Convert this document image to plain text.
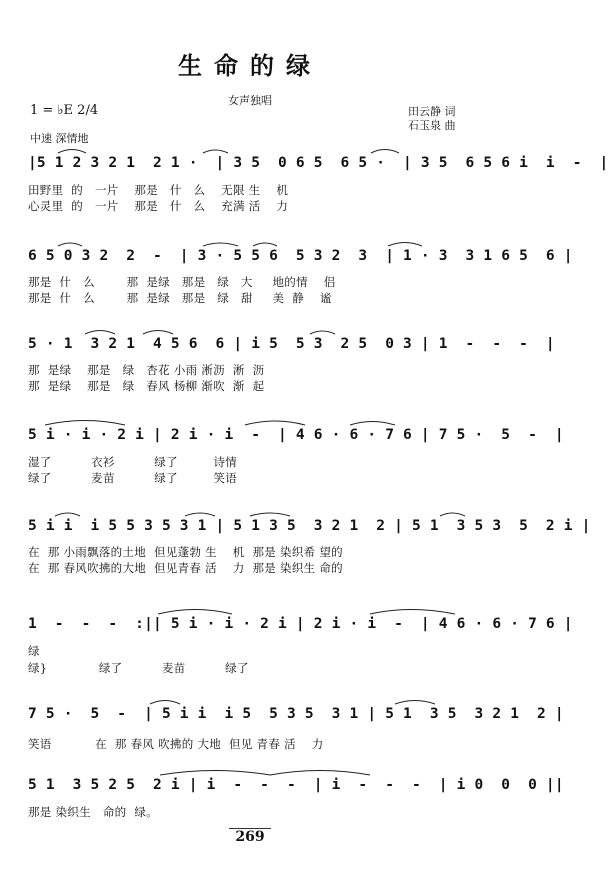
生命的绿
女声独唱
1 = ♭E 2/4	田云静 词
石玉泉 曲
中速 深情地
|5 1 2 3 2 1  2 1 ·  | 3 5  0 6 5  6 5 ·  | 3 5  6 5 6 i  i  -  |
田野里  的   一片    那是   什   么    无限 生    机
心灵里  的   一片    那是   什   么    充满 活    力
6 5 0 3 2  2  -  | 3 · 5 5 6  5 3 2  3  | 1 · 3  3 1 6 5  6 |
那是  什   么        那  是绿   那是   绿   大     地的情    侣
那是  什   么        那  是绿   那是   绿   甜     美  静    谧
5 · 1  3 2 1  4 5 6  6 | i 5  5 3  2 5  0 3 | 1  -  -  -  |
那  是绿    那是   绿   杏花 小雨 淅沥  淅  沥
那  是绿    那是   绿   春风 杨柳 渐吹  渐  起
5 i · i · 2 i | 2 i · i  -  | 4 6 · 6 · 7 6 | 7 5 ·  5  -  |
湿了          衣衫          绿了         诗情
绿了          麦苗          绿了         笑语
5 i i  i 5 5 3 5 3 1 | 5 1 3 5  3 2 1  2 | 5 1  3 5 3  5  2 i |
在  那 小雨飘落的土地  但见蓬勃 生    机  那是 染织希 望的
在  那 春风吹拂的大地  但见青春 活    力  那是 染织生 命的
1  -  -  -  :|| 5 i · i · 2 i | 2 i · i  -  | 4 6 · 6 · 7 6 |
绿
绿}             绿了          麦苗          绿了
7 5 ·  5  -  | 5 i i  i 5  5 3 5  3 1 | 5 1  3 5  3 2 1  2 |
笑语           在  那 春风 吹拂的 大地  但见 青春 活    力
5 1  3 5 2 5  2 i | i  -  -  -  | i  -  -  -  | i 0  0  0 ||
那是 染织生   命的  绿。
269
